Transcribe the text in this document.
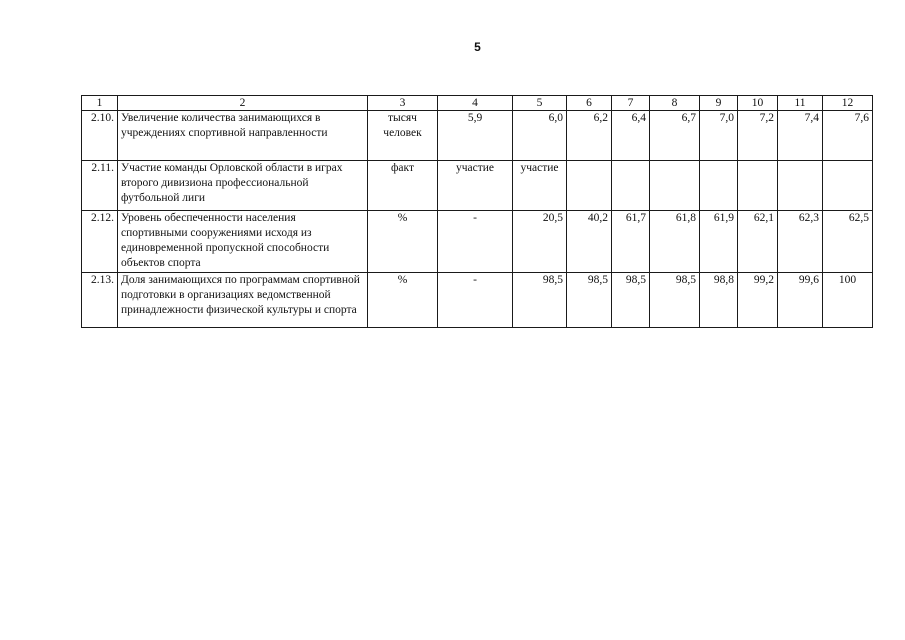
5
1	2	3	4	5	6	7	8	9	10	11	12
2.10.	Увеличение количества занимающихся в учреждениях спортивной направленности	тысяч человек	5,9	6,0	6,2	6,4	6,7	7,0	7,2	7,4	7,6
2.11.	Участие команды Орловской области в играх второго дивизиона профессиональной футбольной лиги	факт	участие	участие							
2.12.	Уровень обеспеченности населения спортивными сооружениями исходя из единовременной пропускной способности объектов спорта	%	-	20,5	40,2	61,7	61,8	61,9	62,1	62,3	62,5
2.13.	Доля занимающихся по программам спортивной подготовки в организациях ведомственной принадлежности физической культуры и спорта	%	-	98,5	98,5	98,5	98,5	98,8	99,2	99,6	100
